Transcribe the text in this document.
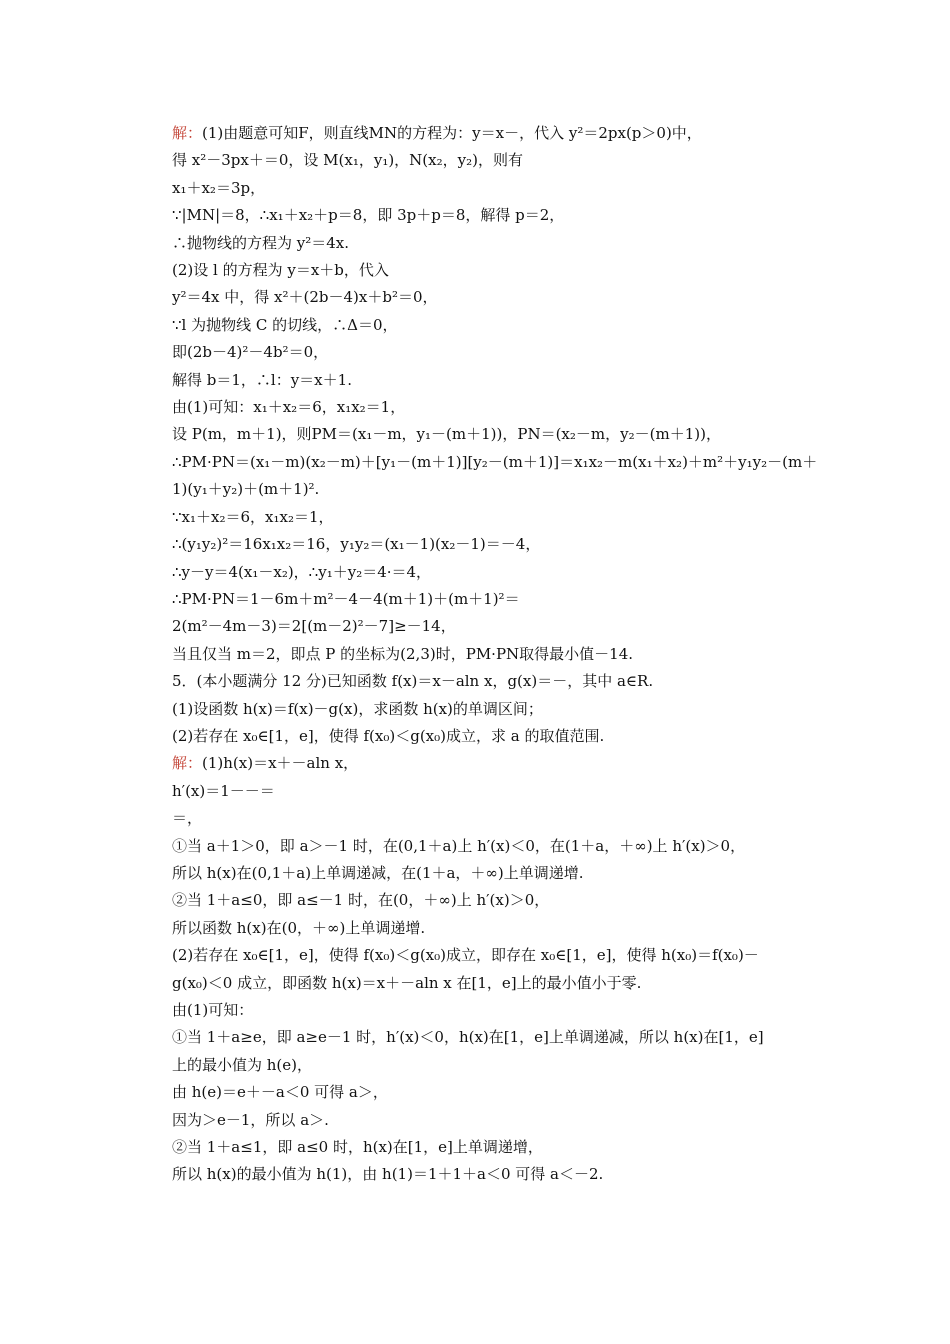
解：(1)由题意可知F，则直线MN的方程为：y＝x－，代入 y²＝2px(p＞0)中，
得 x²－3px＋＝0，设 M(x₁，y₁)，N(x₂，y₂)，则有
x₁＋x₂＝3p，
∵|MN|＝8，∴x₁＋x₂＋p＝8，即 3p＋p＝8，解得 p＝2，
∴抛物线的方程为 y²＝4x.
(2)设 l 的方程为 y＝x＋b，代入
y²＝4x 中，得 x²＋(2b－4)x＋b²＝0，
∵l 为抛物线 C 的切线，∴Δ＝0，
即(2b－4)²－4b²＝0，
解得 b＝1，∴l：y＝x＋1.
由(1)可知：x₁＋x₂＝6，x₁x₂＝1，
设 P(m，m＋1)，则PM＝(x₁－m，y₁－(m＋1))，PN＝(x₂－m，y₂－(m＋1))，
∴PM·PN＝(x₁－m)(x₂－m)＋[y₁－(m＋1)][y₂－(m＋1)]＝x₁x₂－m(x₁＋x₂)＋m²＋y₁y₂－(m＋
1)(y₁＋y₂)＋(m＋1)².
∵x₁＋x₂＝6，x₁x₂＝1，
∴(y₁y₂)²＝16x₁x₂＝16，y₁y₂＝(x₁－1)(x₂－1)＝－4，
∴y－y＝4(x₁－x₂)，∴y₁＋y₂＝4·＝4，
∴PM·PN＝1－6m＋m²－4－4(m＋1)＋(m＋1)²＝
2(m²－4m－3)＝2[(m－2)²－7]≥－14，
当且仅当 m＝2，即点 P 的坐标为(2,3)时，PM·PN取得最小值－14.
5．(本小题满分 12 分)已知函数 f(x)＝x－aln x，g(x)＝－，其中 a∈R.
(1)设函数 h(x)＝f(x)－g(x)，求函数 h(x)的单调区间；
(2)若存在 x₀∈[1，e]，使得 f(x₀)＜g(x₀)成立，求 a 的取值范围.
解：(1)h(x)＝x＋－aln x，
h′(x)＝1－－＝
＝，
①当 a＋1＞0，即 a＞－1 时，在(0,1＋a)上 h′(x)＜0，在(1＋a，＋∞)上 h′(x)＞0，
所以 h(x)在(0,1＋a)上单调递减，在(1＋a，＋∞)上单调递增.
②当 1＋a≤0，即 a≤－1 时，在(0，＋∞)上 h′(x)＞0，
所以函数 h(x)在(0，＋∞)上单调递增.
(2)若存在 x₀∈[1，e]，使得 f(x₀)＜g(x₀)成立，即存在 x₀∈[1，e]，使得 h(x₀)＝f(x₀)－
g(x₀)＜0 成立，即函数 h(x)＝x＋－aln x 在[1，e]上的最小值小于零.
由(1)可知：
①当 1＋a≥e，即 a≥e－1 时，h′(x)＜0，h(x)在[1，e]上单调递减，所以 h(x)在[1，e]
上的最小值为 h(e)，
由 h(e)＝e＋－a＜0 可得 a＞，
因为＞e－1，所以 a＞.
②当 1＋a≤1，即 a≤0 时，h(x)在[1，e]上单调递增，
所以 h(x)的最小值为 h(1)，由 h(1)＝1＋1＋a＜0 可得 a＜－2.
